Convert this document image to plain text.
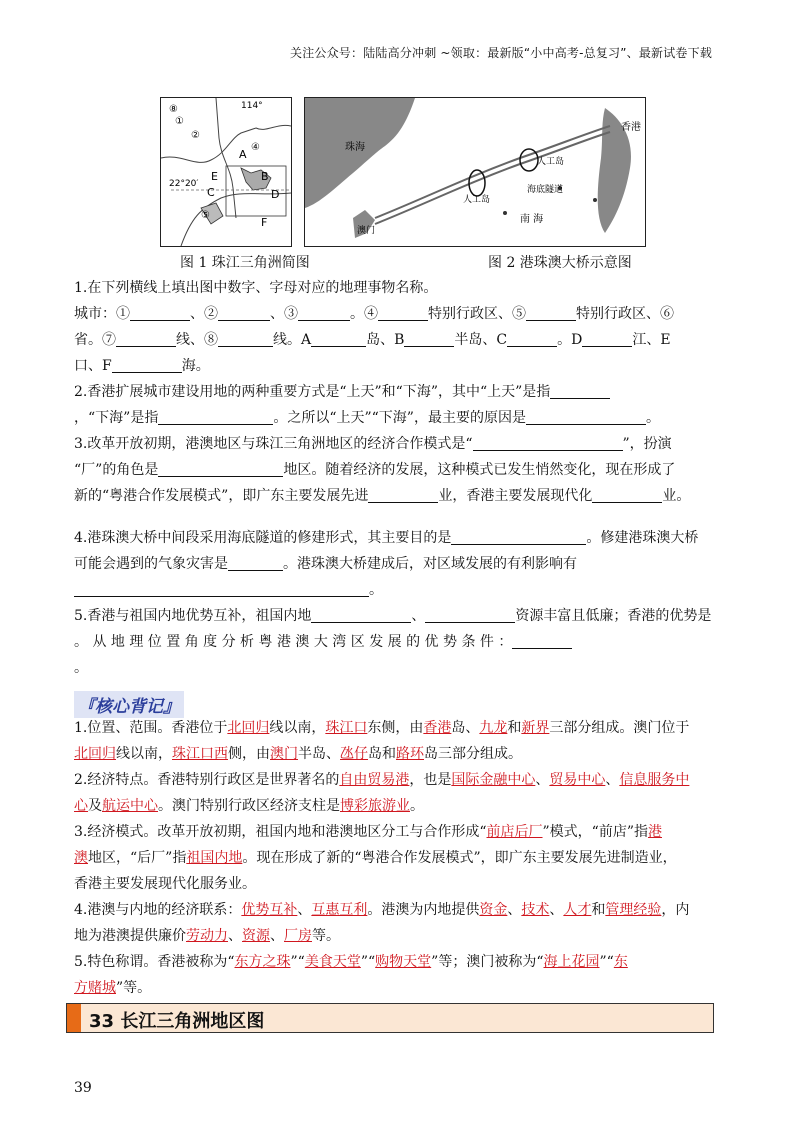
关注公众号：陆陆高分冲刺 ~领取：最新版“小中高考-总复习”、最新试卷下载
114°
22°20′
⑧
①
②
④
E
A
B
C	D
⑤
F
珠海
香港
澳门
人工岛
人工岛
海底隧道
南 海
图 1 珠江三角洲简图	图 2 港珠澳大桥示意图

1.在下列横线上填出图中数字、字母对应的地理事物名称。

城市：①	、②	、③	。④	特别行政区、⑤	特别行政区、⑥

省。⑦	线、⑧	线。A	岛、B	半岛、C	。D	江、E

口、F	海。

2.香港扩展城市建设用地的两种重要方式是“上天”和“下海”，其中“上天”是指

，“下海”是指	。之所以“上天”“下海”，最主要的原因是	。

3.改革开放初期，港澳地区与珠江三角洲地区的经济合作模式是“	”，扮演

“厂”的角色是	地区。随着经济的发展，这种模式已发生悄然变化，现在形成了

新的“粤港合作发展模式”，即广东主要发展先进	业，香港主要发展现代化	业。

4.港珠澳大桥中间段采用海底隧道的修建形式，其主要目的是	。修建港珠澳大桥

可能会遇到的气象灾害是	。港珠澳大桥建成后，对区域发展的有利影响有

。

5.香港与祖国内地优势互补，祖国内地	、	资源丰富且低廉；香港的优势是

。 从 地 理 位 置 角 度 分 析 粤 港 澳 大 湾 区 发 展 的 优 势 条 件 ：

。

『核心背记』

1.位置、范围。香港位于北回归线以南，珠江口东侧，由香港岛、九龙和新界三部分组成。澳门位于

北回归线以南，珠江口西侧，由澳门半岛、氹仔岛和路环岛三部分组成。

2.经济特点。香港特别行政区是世界著名的自由贸易港，也是国际金融中心、贸易中心、信息服务中

心及航运中心。澳门特别行政区经济支柱是博彩旅游业。

3.经济模式。改革开放初期，祖国内地和港澳地区分工与合作形成“前店后厂”模式，“前店”指港

澳地区，“后厂”指祖国内地。现在形成了新的“粤港合作发展模式”，即广东主要发展先进制造业，

香港主要发展现代化服务业。

4.港澳与内地的经济联系：优势互补、互惠互利。港澳为内地提供资金、技术、人才和管理经验，内

地为港澳提供廉价劳动力、资源、厂房等。

5.特色称谓。香港被称为“东方之珠”“美食天堂”“购物天堂”等；澳门被称为“海上花园”“东

方赌城”等。

33 长江三角洲地区图
39
